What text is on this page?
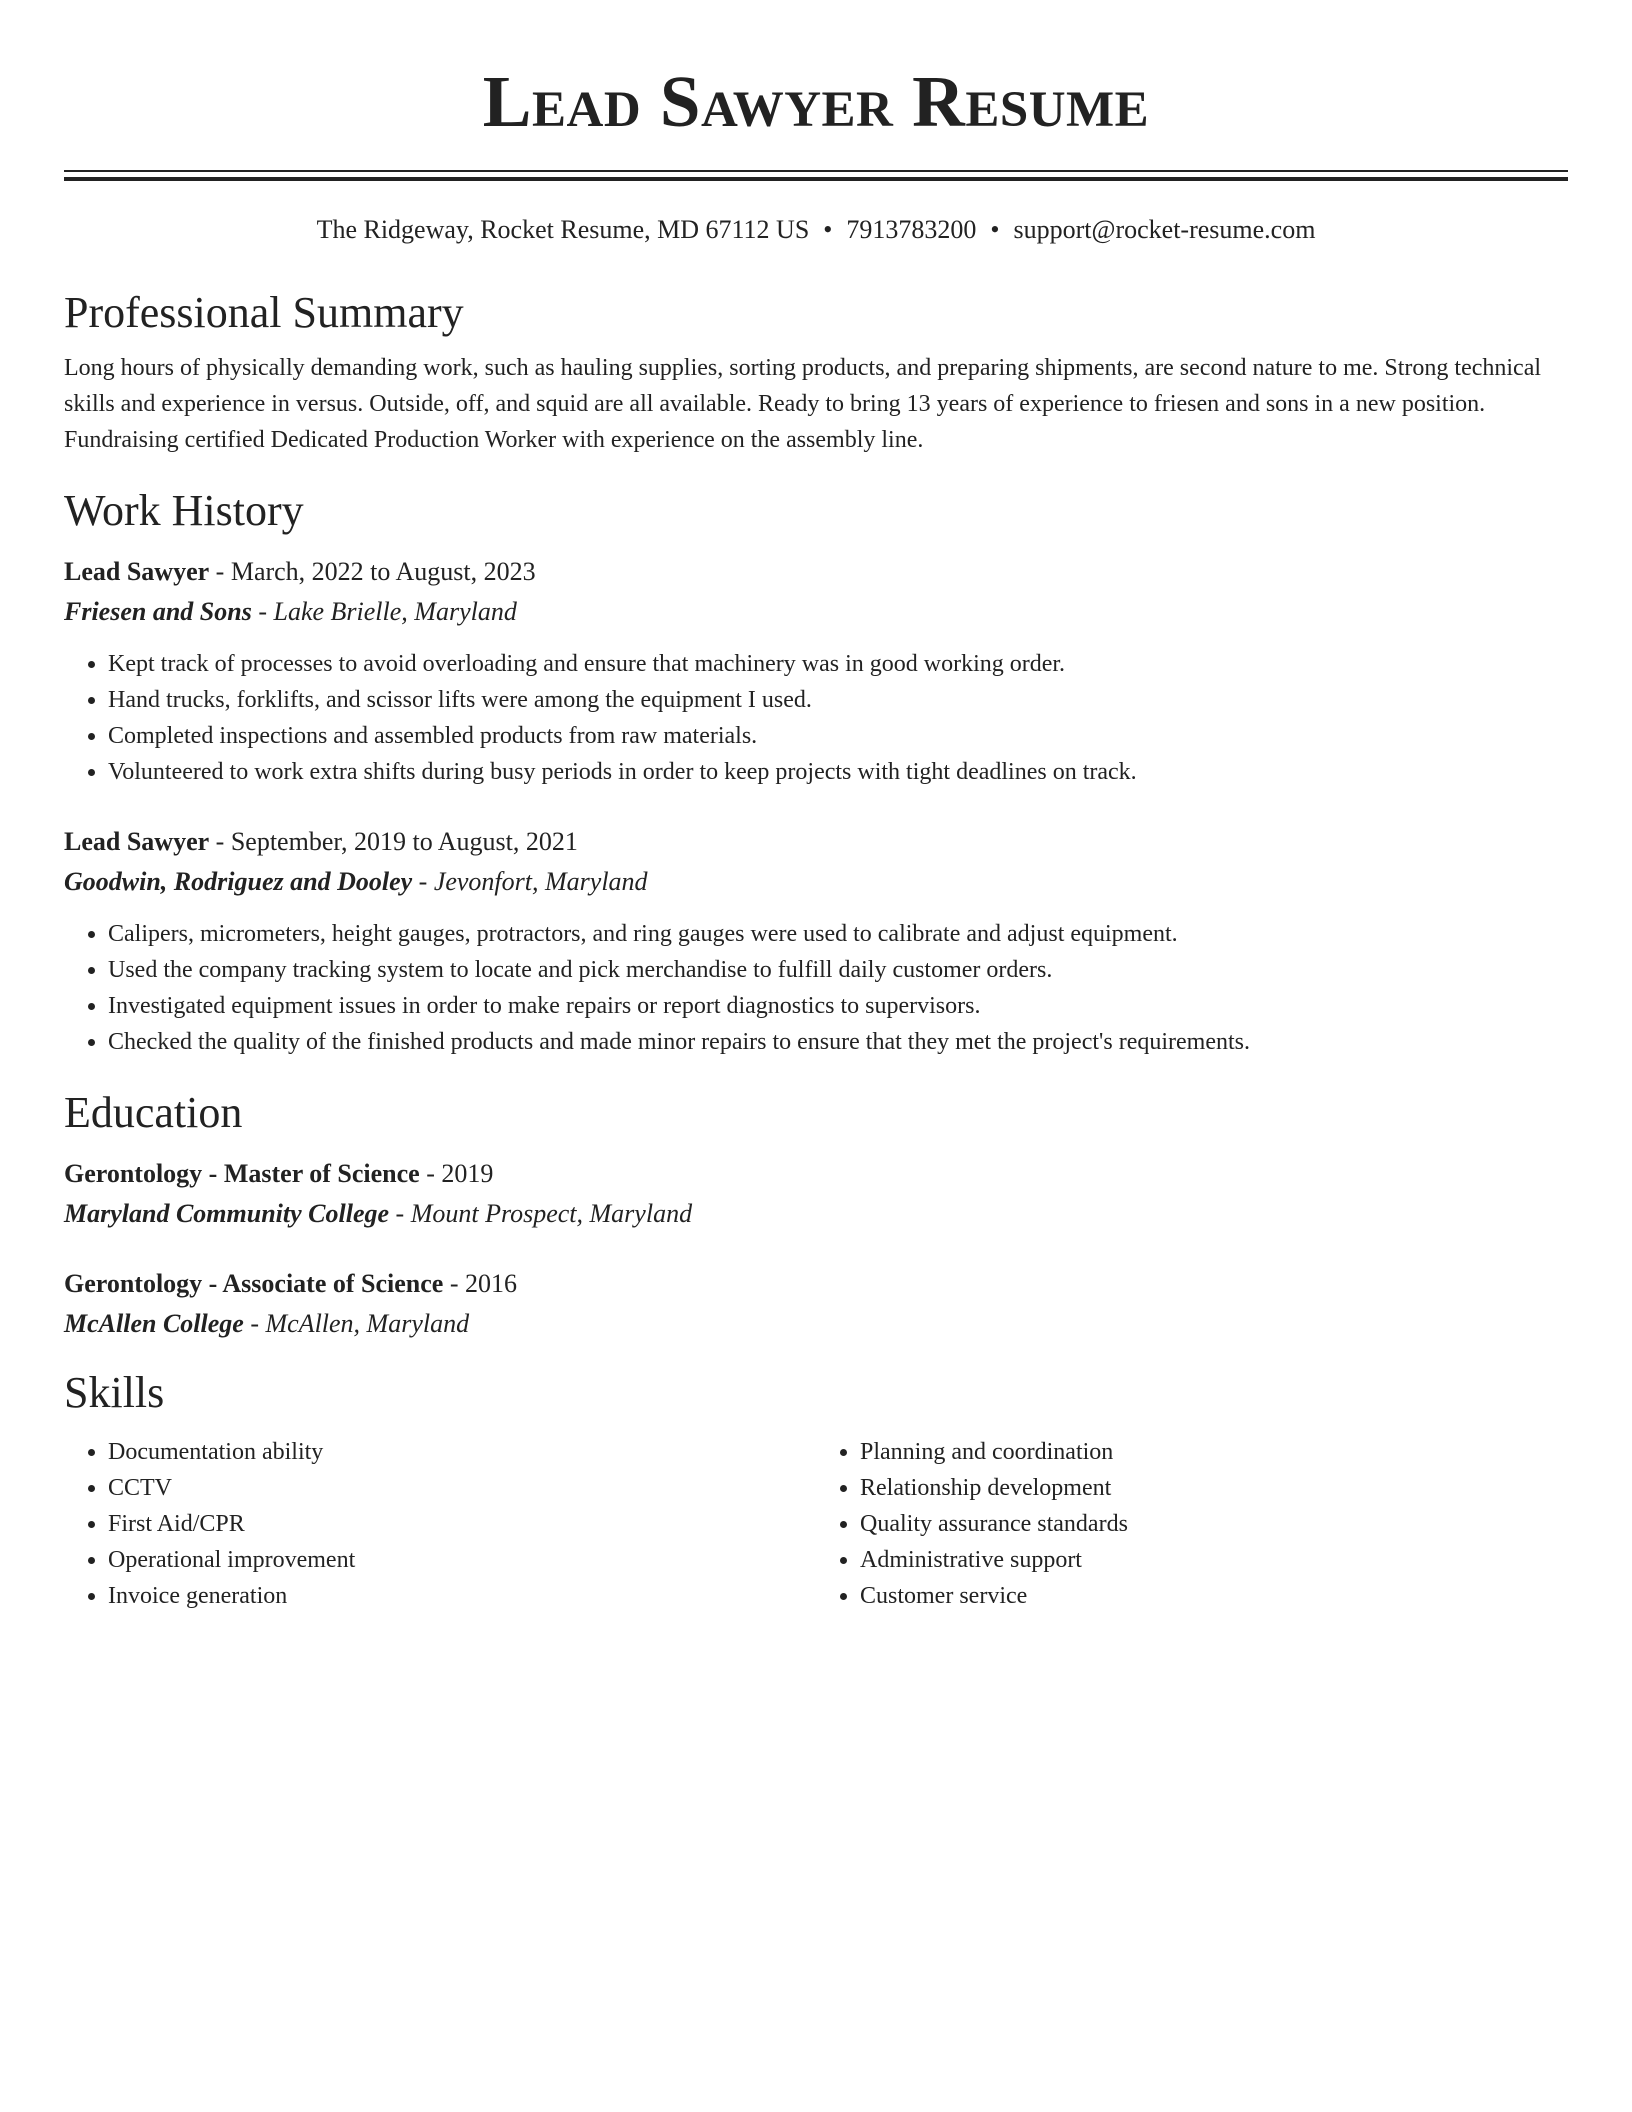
Lead Sawyer Resume
The Ridgeway, Rocket Resume, MD 67112 US • 7913783200 • support@rocket-resume.com
Professional Summary

Long hours of physically demanding work, such as hauling supplies, sorting products, and preparing shipments, are second nature to me. Strong technical skills and experience in versus. Outside, off, and squid are all available. Ready to bring 13 years of experience to friesen and sons in a new position. Fundraising certified Dedicated Production Worker with experience on the assembly line.

Work History
Lead Sawyer - March, 2022 to August, 2023
Friesen and Sons - Lake Brielle, Maryland
• Kept track of processes to avoid overloading and ensure that machinery was in good working order.
• Hand trucks, forklifts, and scissor lifts were among the equipment I used.
• Completed inspections and assembled products from raw materials.
• Volunteered to work extra shifts during busy periods in order to keep projects with tight deadlines on track.
Lead Sawyer - September, 2019 to August, 2021
Goodwin, Rodriguez and Dooley - Jevonfort, Maryland
• Calipers, micrometers, height gauges, protractors, and ring gauges were used to calibrate and adjust equipment.
• Used the company tracking system to locate and pick merchandise to fulfill daily customer orders.
• Investigated equipment issues in order to make repairs or report diagnostics to supervisors.
• Checked the quality of the finished products and made minor repairs to ensure that they met the project's requirements.
Education
Gerontology - Master of Science - 2019
Maryland Community College - Mount Prospect, Maryland
Gerontology - Associate of Science - 2016
McAllen College - McAllen, Maryland
Skills
• Documentation ability
• CCTV
• First Aid/CPR
• Operational improvement
• Invoice generation
• Planning and coordination
• Relationship development
• Quality assurance standards
• Administrative support
• Customer service
